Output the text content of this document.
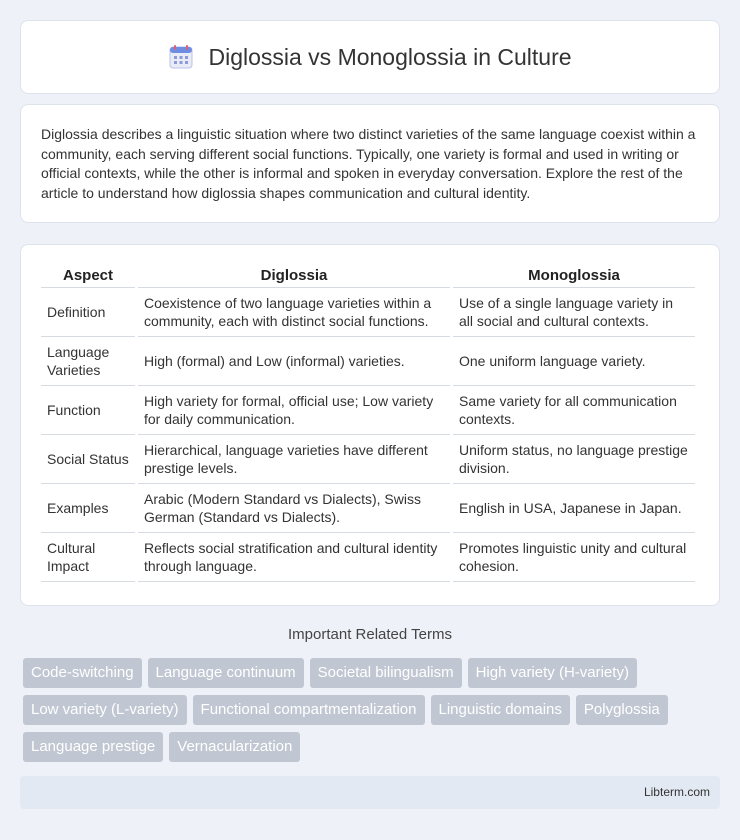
Diglossia vs Monoglossia in Culture

Diglossia describes a linguistic situation where two distinct varieties of the same language coexist within a community, each serving different social functions. Typically, one variety is formal and used in writing or official contexts, while the other is informal and spoken in everyday conversation. Explore the rest of the article to understand how diglossia shapes communication and cultural identity.

Aspect	Diglossia	Monoglossia
Definition	Coexistence of two language varieties within a community, each with distinct social functions.	Use of a single language variety in all social and cultural contexts.
Language Varieties	High (formal) and Low (informal) varieties.	One uniform language variety.
Function	High variety for formal, official use; Low variety for daily communication.	Same variety for all communication contexts.
Social Status	Hierarchical, language varieties have different prestige levels.	Uniform status, no language prestige division.
Examples	Arabic (Modern Standard vs Dialects), Swiss German (Standard vs Dialects).	English in USA, Japanese in Japan.
Cultural Impact	Reflects social stratification and cultural identity through language.	Promotes linguistic unity and cultural cohesion.
Important Related Terms
Code-switching	Language continuum	Societal bilingualism	High variety (H-variety)
Low variety (L-variety)	Functional compartmentalization	Linguistic domains	Polyglossia
Language prestige	Vernacularization
Libterm.com
